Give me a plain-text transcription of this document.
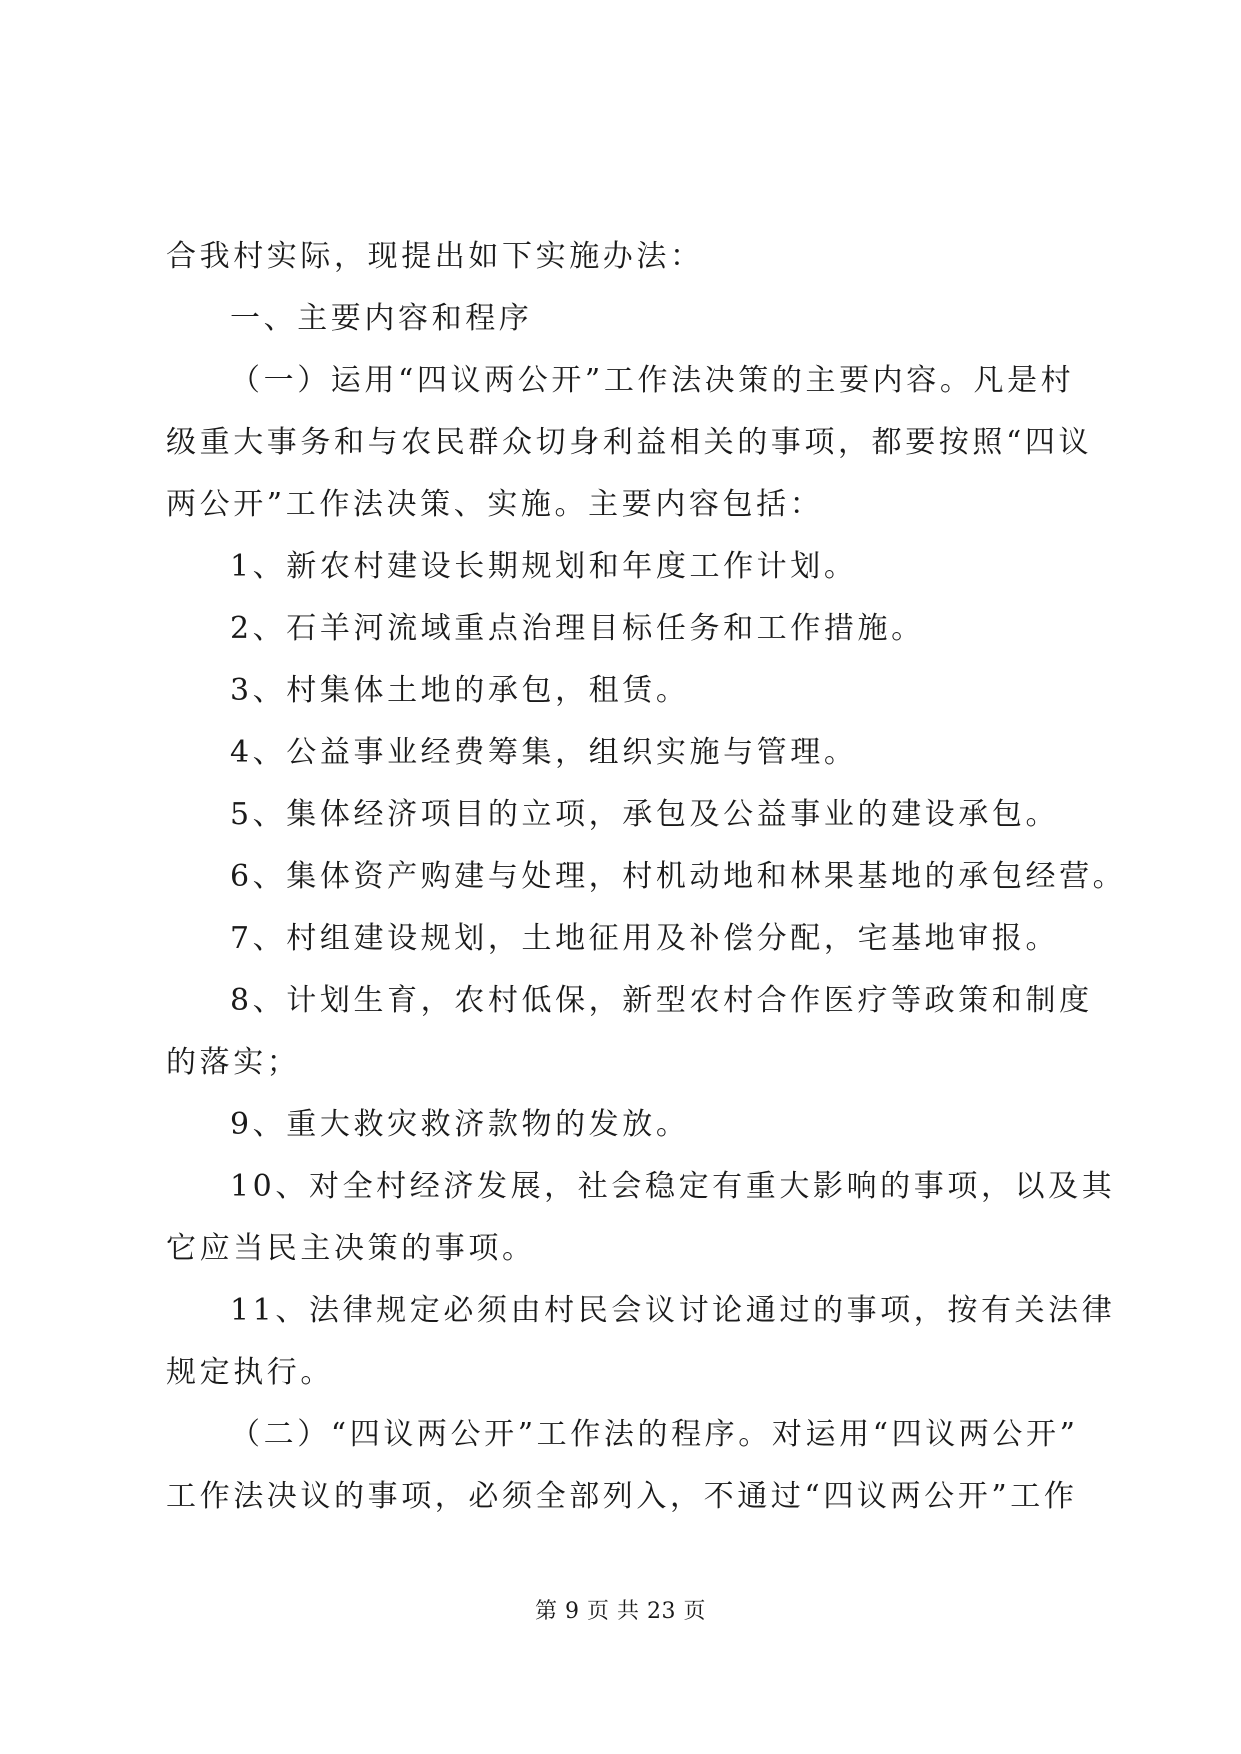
合我村实际，现提出如下实施办法：
一、主要内容和程序
（一）运用“四议两公开”工作法决策的主要内容。凡是村
级重大事务和与农民群众切身利益相关的事项，都要按照“四议
两公开”工作法决策、实施。主要内容包括：
1、新农村建设长期规划和年度工作计划。
2、石羊河流域重点治理目标任务和工作措施。
3、村集体土地的承包，租赁。
4、公益事业经费筹集，组织实施与管理。
5、集体经济项目的立项，承包及公益事业的建设承包。
6、集体资产购建与处理，村机动地和林果基地的承包经营。
7、村组建设规划，土地征用及补偿分配，宅基地审报。
8、计划生育，农村低保，新型农村合作医疗等政策和制度
的落实；
9、重大救灾救济款物的发放。
10、对全村经济发展，社会稳定有重大影响的事项，以及其
它应当民主决策的事项。
11、法律规定必须由村民会议讨论通过的事项，按有关法律
规定执行。
（二）“四议两公开”工作法的程序。对运用“四议两公开”
工作法决议的事项，必须全部列入，不通过“四议两公开”工作
第 9 页 共 23 页
